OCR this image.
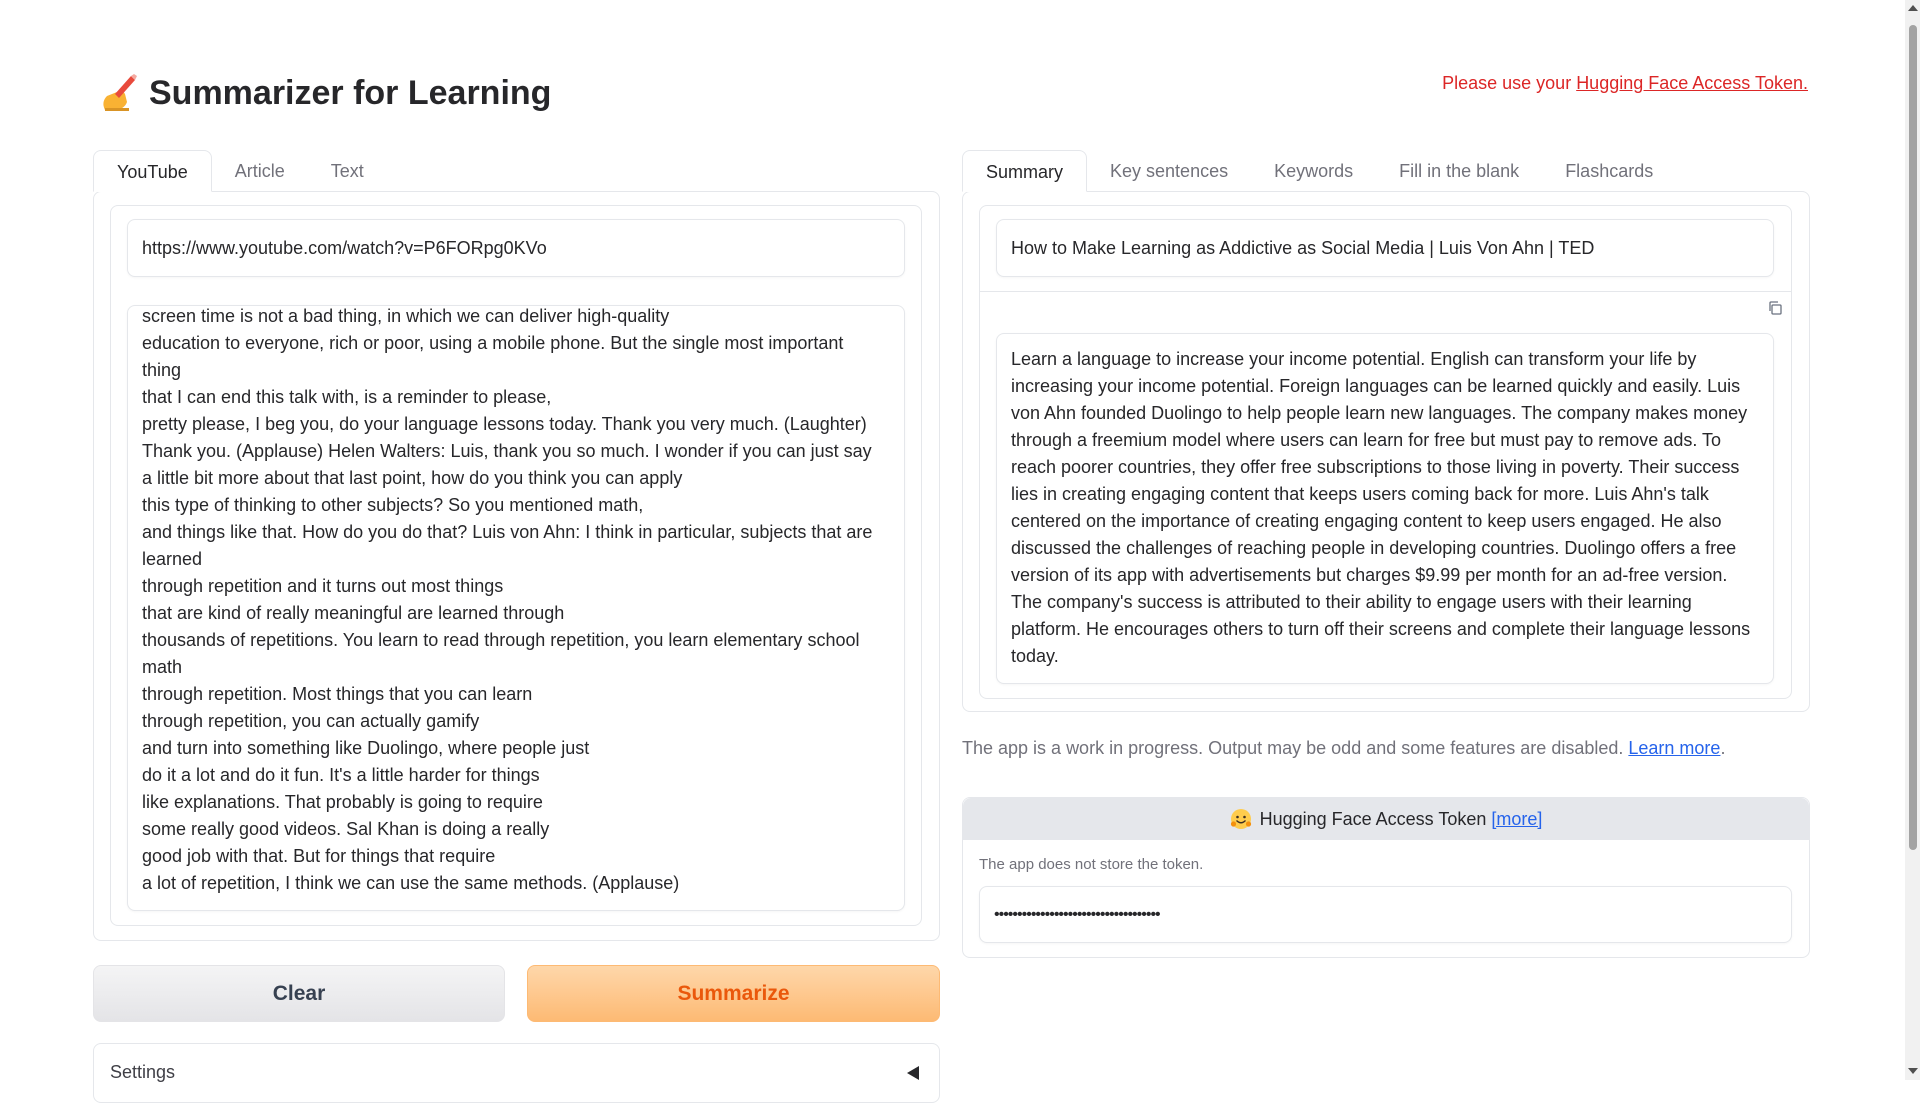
Summarizer for Learning	Please use your Hugging Face Access Token.
YouTube	Article	Text
https://www.youtube.com/watch?v=P6FORpg0KVo
screen time is not a bad thing, in which we can deliver high-quality
education to everyone, rich or poor, using a mobile phone. But the single most important
thing
that I can end this talk with, is a reminder to please,
pretty please, I beg you, do your language lessons today. Thank you very much. (Laughter)
Thank you. (Applause) Helen Walters: Luis, thank you so much. I wonder if you can just say
a little bit more about that last point, how do you think you can apply
this type of thinking to other subjects? So you mentioned math,
and things like that. How do you do that? Luis von Ahn: I think in particular, subjects that are
learned
through repetition and it turns out most things
that are kind of really meaningful are learned through
thousands of repetitions. You learn to read through repetition, you learn elementary school
math
through repetition. Most things that you can learn
through repetition, you can actually gamify
and turn into something like Duolingo, where people just
do it a lot and do it fun. It's a little harder for things
like explanations. That probably is going to require
some really good videos. Sal Khan is doing a really
good job with that. But for things that require
a lot of repetition, I think we can use the same methods. (Applause)
Clear	Summarize
Settings
Summary	Key sentences	Keywords	Fill in the blank	Flashcards
How to Make Learning as Addictive as Social Media | Luis Von Ahn | TED
Learn a language to increase your income potential. English can transform your life by increasing your income potential. Foreign languages can be learned quickly and easily. Luis von Ahn founded Duolingo to help people learn new languages. The company makes money through a freemium model where users can learn for free but must pay to remove ads. To reach poorer countries, they offer free subscriptions to those living in poverty. Their success lies in creating engaging content that keeps users coming back for more. Luis Ahn's talk centered on the importance of creating engaging content to keep users engaged. He also discussed the challenges of reaching people in developing countries. Duolingo offers a free version of its app with advertisements but charges $9.99 per month for an ad-free version. The company's success is attributed to their ability to engage users with their learning platform. He encourages others to turn off their screens and complete their language lessons today.
The app is a work in progress. Output may be odd and some features are disabled. Learn more.
Hugging Face Access Token
[more]
The app does not store the token.
••••••••••••••••••••••••••••••••••••
